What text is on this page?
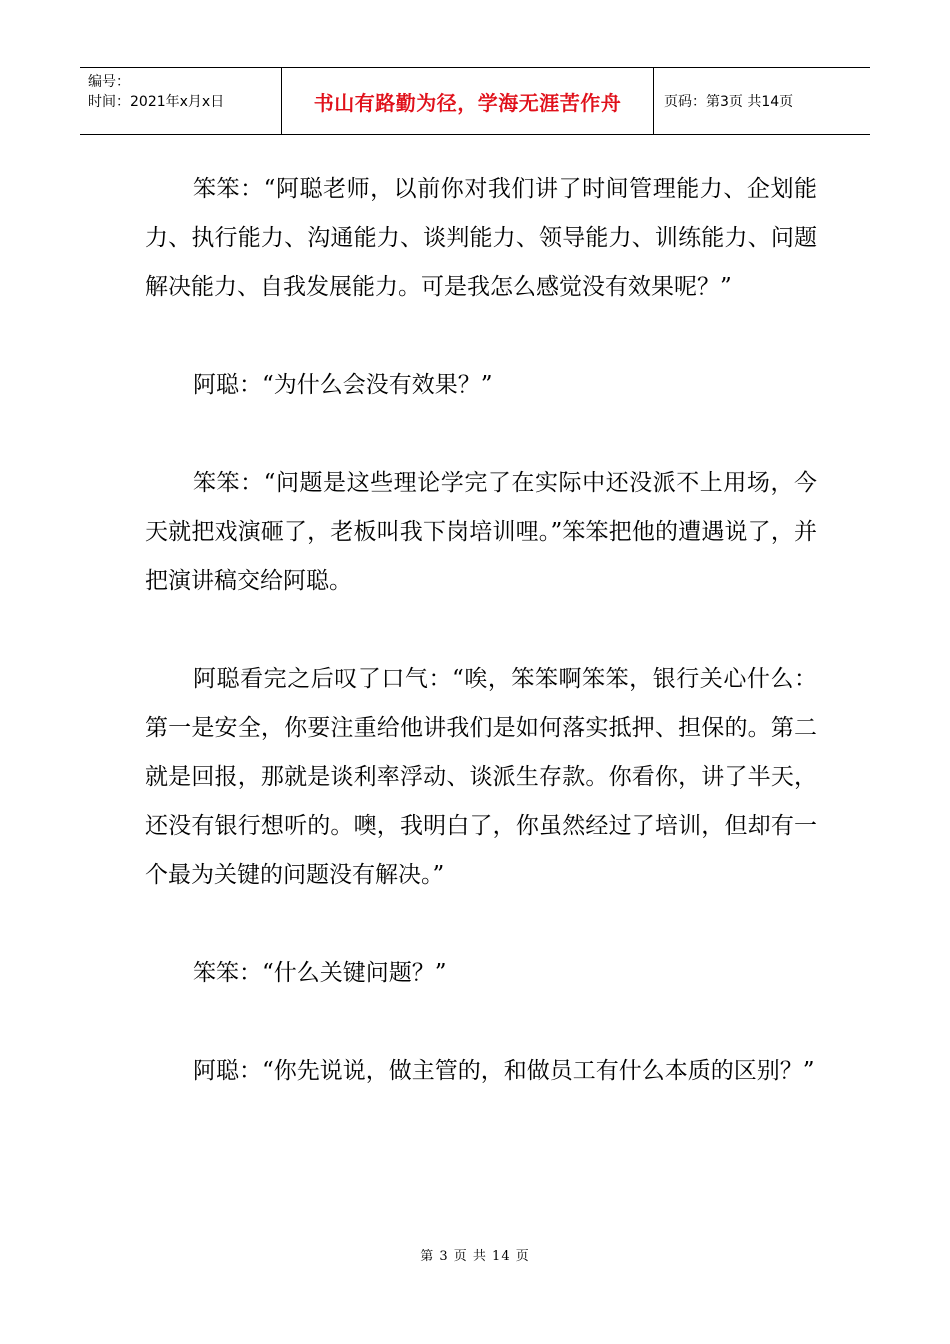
编号：
时间：2021年x月x日	书山有路勤为径，学海无涯苦作舟	页码：第3页 共14页

笨笨：“阿聪老师，以前你对我们讲了时间管理能力、企划能力、执行能力、沟通能力、谈判能力、领导能力、训练能力、问题解决能力、自我发展能力。可是我怎么感觉没有效果呢？”

阿聪：“为什么会没有效果？”

笨笨：“问题是这些理论学完了在实际中还没派不上用场，今天就把戏演砸了，老板叫我下岗培训哩。”笨笨把他的遭遇说了，并把演讲稿交给阿聪。

阿聪看完之后叹了口气：“唉，笨笨啊笨笨，银行关心什么：第一是安全，你要注重给他讲我们是如何落实抵押、担保的。第二就是回报，那就是谈利率浮动、谈派生存款。你看你，讲了半天，还没有银行想听的。噢，我明白了，你虽然经过了培训，但却有一个最为关键的问题没有解决。”

笨笨：“什么关键问题？”

阿聪：“你先说说，做主管的，和做员工有什么本质的区别？”

第 3 页 共 14 页
